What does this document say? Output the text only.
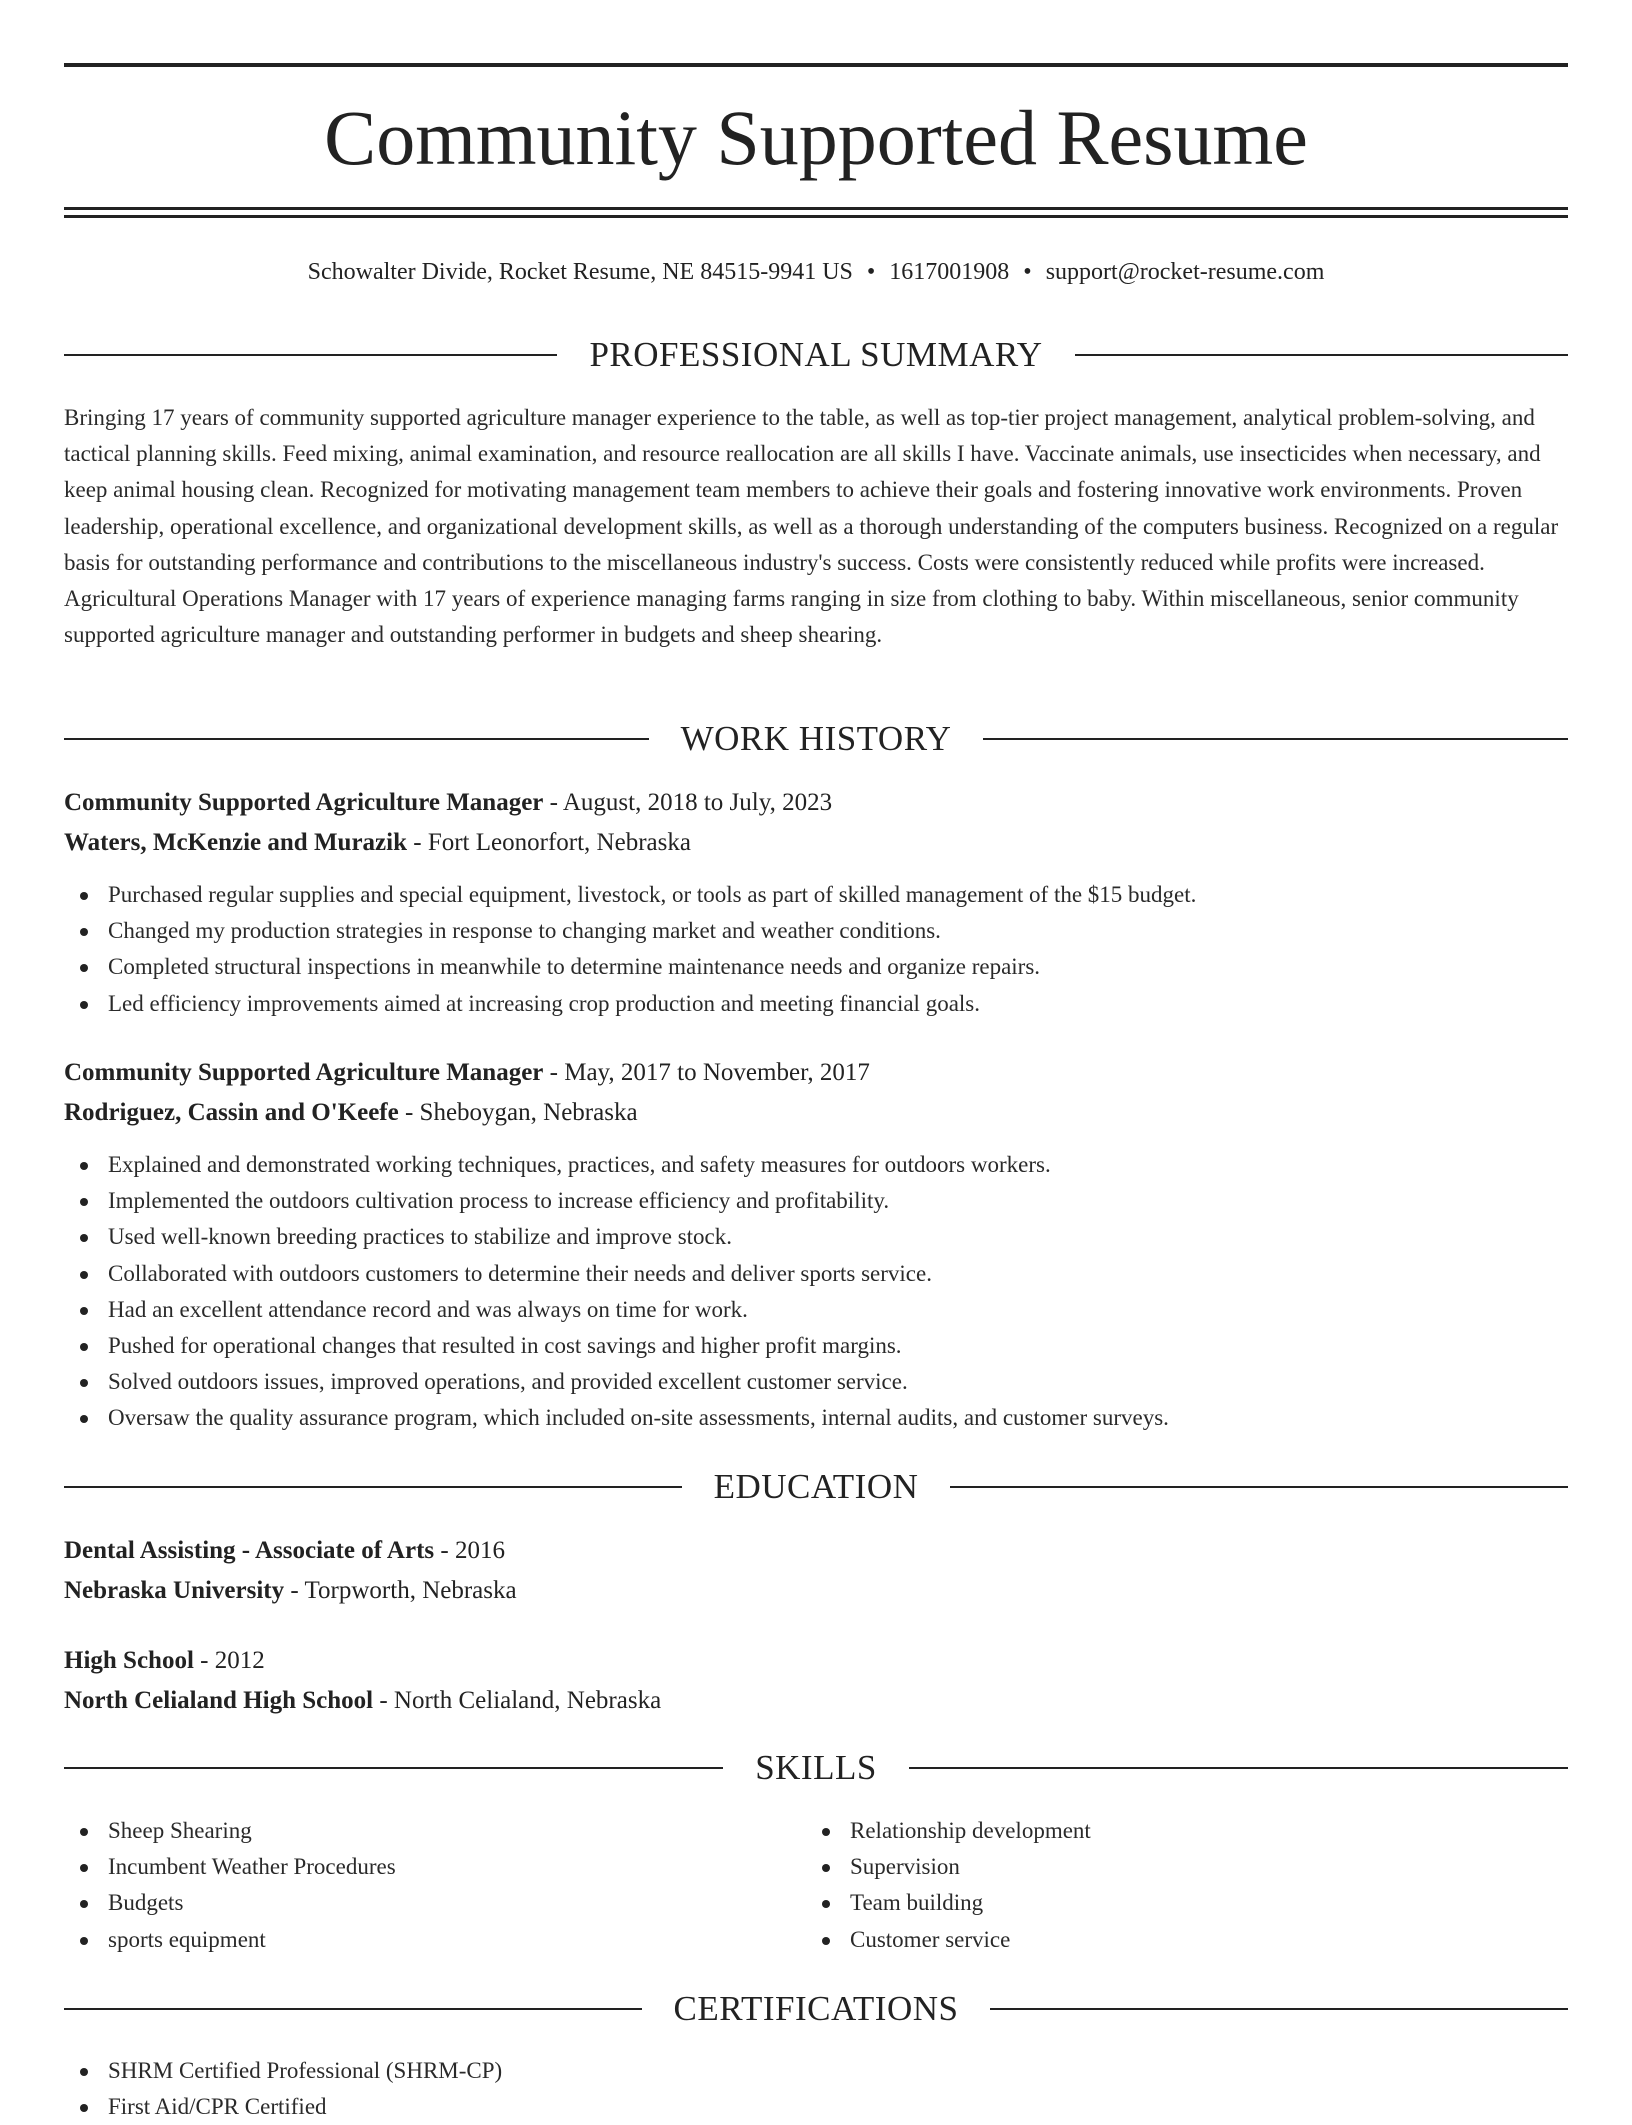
Community Supported Resume
Schowalter Divide, Rocket Resume, NE 84515-9941 US • 1617001908 • support@rocket-resume.com
PROFESSIONAL SUMMARY

Bringing 17 years of community supported agriculture manager experience to the table, as well as top-tier project management, analytical problem-solving, and tactical planning skills. Feed mixing, animal examination, and resource reallocation are all skills I have. Vaccinate animals, use insecticides when necessary, and keep animal housing clean. Recognized for motivating management team members to achieve their goals and fostering innovative work environments. Proven leadership, operational excellence, and organizational development skills, as well as a thorough understanding of the computers business. Recognized on a regular basis for outstanding performance and contributions to the miscellaneous industry's success. Costs were consistently reduced while profits were increased. Agricultural Operations Manager with 17 years of experience managing farms ranging in size from clothing to baby. Within miscellaneous, senior community supported agriculture manager and outstanding performer in budgets and sheep shearing.

WORK HISTORY
Community Supported Agriculture Manager - August, 2018 to July, 2023
Waters, McKenzie and Murazik - Fort Leonorfort, Nebraska
Purchased regular supplies and special equipment, livestock, or tools as part of skilled management of the $15 budget.
Changed my production strategies in response to changing market and weather conditions.
Completed structural inspections in meanwhile to determine maintenance needs and organize repairs.
Led efficiency improvements aimed at increasing crop production and meeting financial goals.
Community Supported Agriculture Manager - May, 2017 to November, 2017
Rodriguez, Cassin and O'Keefe - Sheboygan, Nebraska
Explained and demonstrated working techniques, practices, and safety measures for outdoors workers.
Implemented the outdoors cultivation process to increase efficiency and profitability.
Used well-known breeding practices to stabilize and improve stock.
Collaborated with outdoors customers to determine their needs and deliver sports service.
Had an excellent attendance record and was always on time for work.
Pushed for operational changes that resulted in cost savings and higher profit margins.
Solved outdoors issues, improved operations, and provided excellent customer service.
Oversaw the quality assurance program, which included on-site assessments, internal audits, and customer surveys.
EDUCATION
Dental Assisting - Associate of Arts - 2016
Nebraska University - Torpworth, Nebraska
High School - 2012
North Celialand High School - North Celialand, Nebraska
SKILLS
Sheep Shearing
Incumbent Weather Procedures
Budgets
sports equipment
Relationship development
Supervision
Team building
Customer service
CERTIFICATIONS
SHRM Certified Professional (SHRM-CP)
First Aid/CPR Certified
